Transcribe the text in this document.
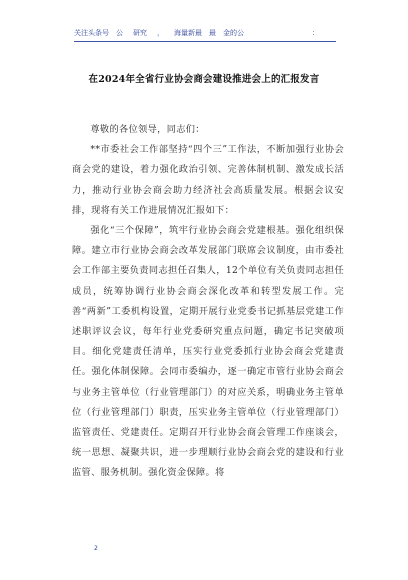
关注头条号 公 研究 ， 海量新最 最 金的公	：
在2024年全省行业协会商会建设推进会上的汇报发言

尊敬的各位领导，同志们：

**市委社会工作部坚持“四个三”工作法，不断加强行业协会商会党的建设，着力强化政治引领、完善体制机制、激发成长活力，推动行业协会商会助力经济社会高质量发展。根据会议安排，现将有关工作进展情况汇报如下：

强化“三个保障”，筑牢行业协会商会党建根基。强化组织保障。建立市行业协会商会改革发展部门联席会议制度，由市委社会工作部主要负责同志担任召集人，12个单位有关负责同志担任成员，统筹协调行业协会商会深化改革和转型发展工作。完善“两新”工委机构设置，定期开展行业党委书记抓基层党建工作述职评议会议，每年行业党委研究重点问题，确定书记突破项目。细化党建责任清单，压实行业党委抓行业协会商会党建责任。强化体制保障。会同市委编办，逐一确定市管行业协会商会与业务主管单位（行业管理部门）的对应关系，明确业务主管单位（行业管理部门）职责，压实业务主管单位（行业管理部门）监管责任、党建责任。定期召开行业协会商会管理工作座谈会，统一思想、凝聚共识，进一步理顺行业协会商会党的建设和行业监管、服务机制。强化资金保障。将

2
